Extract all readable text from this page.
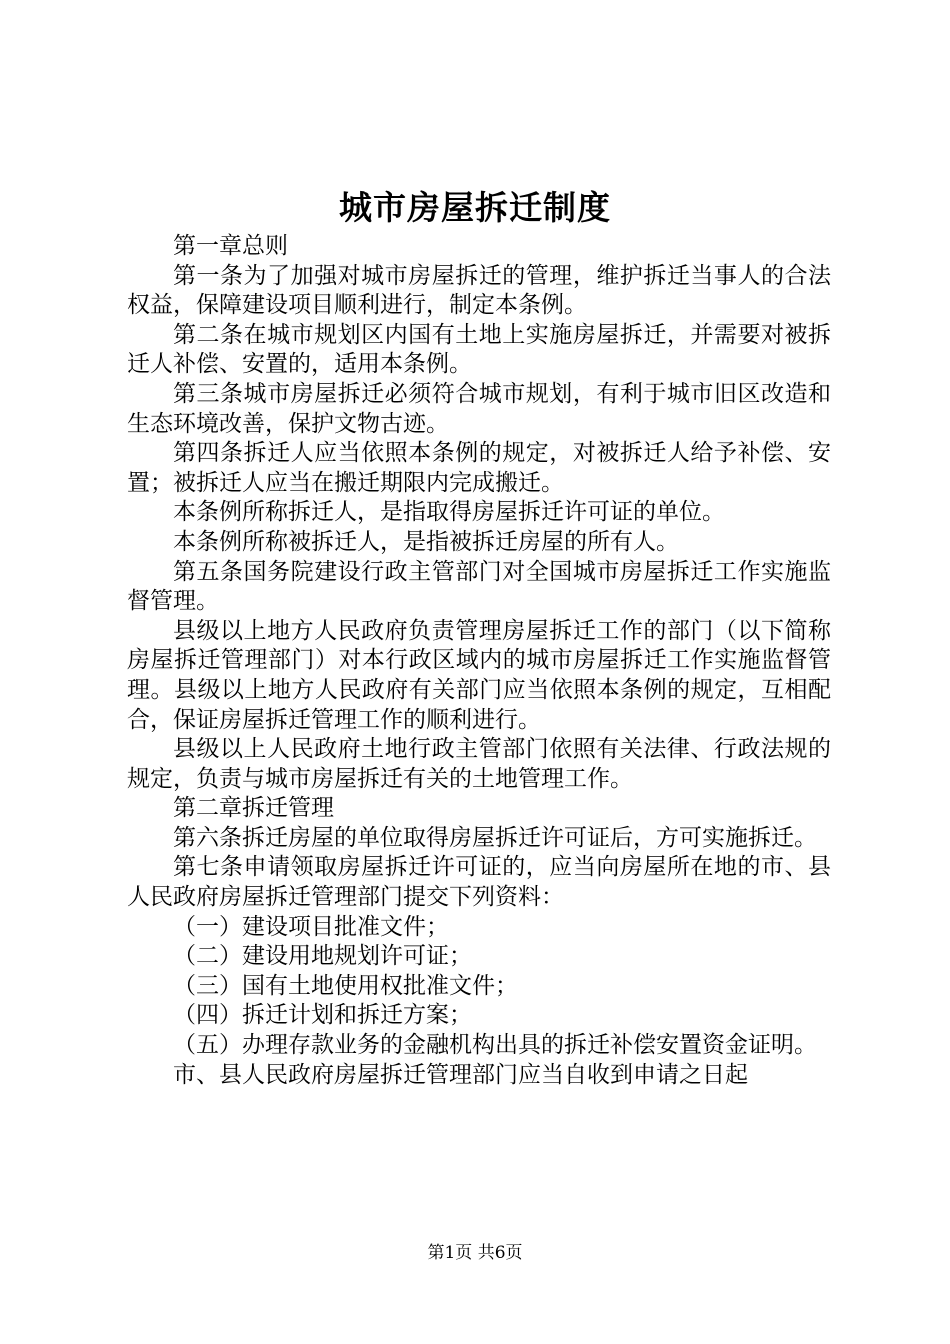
城市房屋拆迁制度

第一章总则

第一条为了加强对城市房屋拆迁的管理，维护拆迁当事人的合法权益，保障建设项目顺利进行，制定本条例。

第二条在城市规划区内国有土地上实施房屋拆迁，并需要对被拆迁人补偿、安置的，适用本条例。

第三条城市房屋拆迁必须符合城市规划，有利于城市旧区改造和生态环境改善，保护文物古迹。

第四条拆迁人应当依照本条例的规定，对被拆迁人给予补偿、安置；被拆迁人应当在搬迁期限内完成搬迁。

本条例所称拆迁人，是指取得房屋拆迁许可证的单位。

本条例所称被拆迁人，是指被拆迁房屋的所有人。

第五条国务院建设行政主管部门对全国城市房屋拆迁工作实施监督管理。

县级以上地方人民政府负责管理房屋拆迁工作的部门（以下简称房屋拆迁管理部门）对本行政区域内的城市房屋拆迁工作实施监督管理。县级以上地方人民政府有关部门应当依照本条例的规定，互相配合，保证房屋拆迁管理工作的顺利进行。

县级以上人民政府土地行政主管部门依照有关法律、行政法规的规定，负责与城市房屋拆迁有关的土地管理工作。

第二章拆迁管理

第六条拆迁房屋的单位取得房屋拆迁许可证后，方可实施拆迁。

第七条申请领取房屋拆迁许可证的，应当向房屋所在地的市、县人民政府房屋拆迁管理部门提交下列资料：

（一）建设项目批准文件；

（二）建设用地规划许可证；

（三）国有土地使用权批准文件；

（四）拆迁计划和拆迁方案；

（五）办理存款业务的金融机构出具的拆迁补偿安置资金证明。

市、县人民政府房屋拆迁管理部门应当自收到申请之日起

第1页 共6页
